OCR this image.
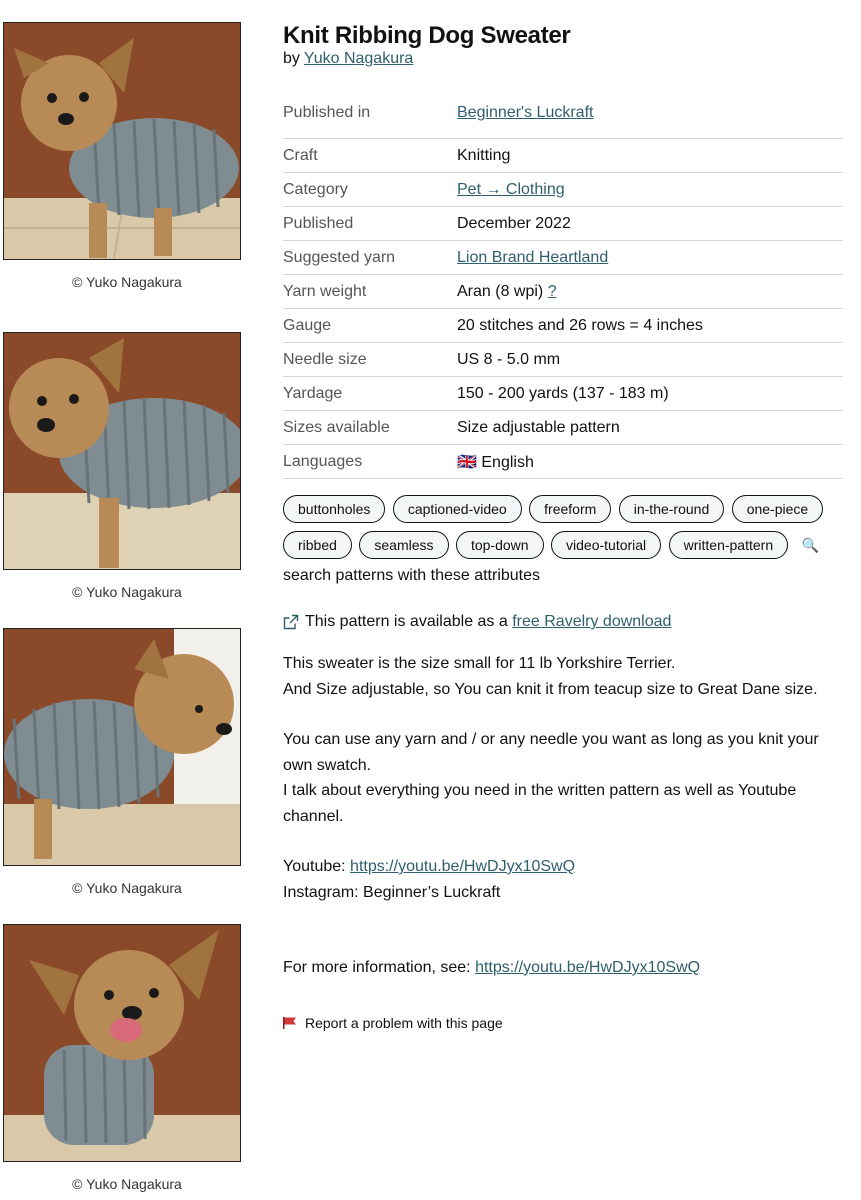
© Yuko Nagakura
© Yuko Nagakura
© Yuko Nagakura
© Yuko Nagakura
Knit Ribbing Dog Sweater
by Yuko Nagakura
Published in	Beginner's Luckraft
Craft	Knitting
Category	Pet → Clothing
Published	December 2022
Suggested yarn	Lion Brand Heartland
Yarn weight	Aran (8 wpi) ?
Gauge	20 stitches and 26 rows = 4 inches
Needle size	US 8 - 5.0 mm
Yardage	150 - 200 yards (137 - 183 m)
Sizes available	Size adjustable pattern
Languages	🇬🇧 English
buttonholes	captioned-video	freeform	in-the-round	one-piece ribbed	seamless	top-down	video-tutorial	written-pattern 🔍 search patterns with these attributes
This pattern is available as a
free Ravelry download

This sweater is the size small for 11 lb Yorkshire Terrier.

And Size adjustable, so You can knit it from teacup size to Great Dane size.

You can use any yarn and / or any needle you want as long as you knit your own swatch.

I talk about everything you need in the written pattern as well as Youtube channel.

Youtube: https://youtu.be/HwDJyx10SwQ

Instagram: Beginner’s Luckraft

For more information, see: https://youtu.be/HwDJyx10SwQ

Report a problem with this page
